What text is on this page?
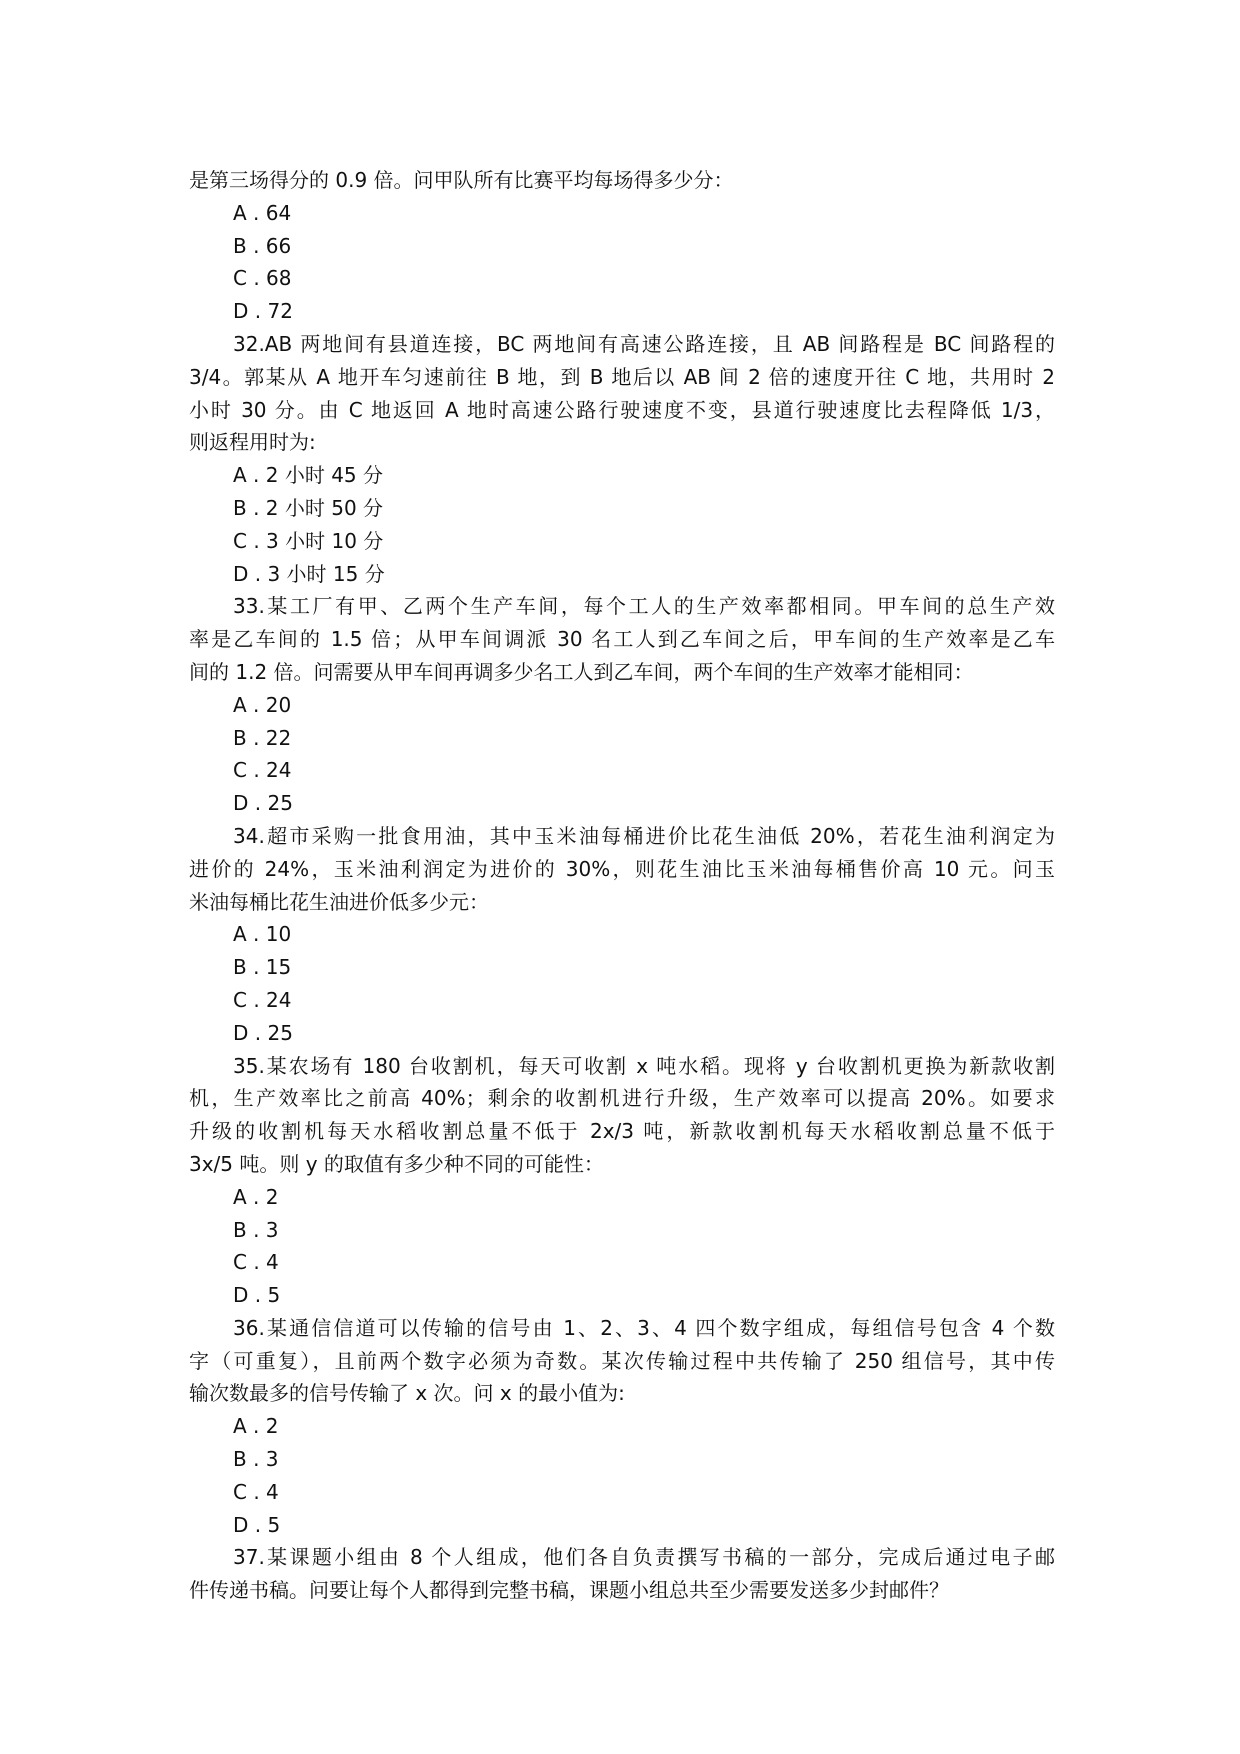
是第三场得分的 0.9 倍。问甲队所有比赛平均每场得多少分：
A . 64
B . 66
C . 68
D . 72
32.AB 两地间有县道连接，BC 两地间有高速公路连接，且 AB 间路程是 BC 间路程的
3/4。郭某从 A 地开车匀速前往 B 地，到 B 地后以 AB 间 2 倍的速度开往 C 地，共用时 2
小时 30 分。由 C 地返回 A 地时高速公路行驶速度不变，县道行驶速度比去程降低 1/3，
则返程用时为:
A . 2 小时 45 分
B . 2 小时 50 分
C . 3 小时 10 分
D . 3 小时 15 分
33.某工厂有甲、乙两个生产车间，每个工人的生产效率都相同。甲车间的总生产效
率是乙车间的 1.5 倍；从甲车间调派 30 名工人到乙车间之后，甲车间的生产效率是乙车
间的 1.2 倍。问需要从甲车间再调多少名工人到乙车间，两个车间的生产效率才能相同：
A . 20
B . 22
C . 24
D . 25
34.超市采购一批食用油，其中玉米油每桶进价比花生油低 20%，若花生油利润定为
进价的 24%，玉米油利润定为进价的 30%，则花生油比玉米油每桶售价高 10 元。问玉
米油每桶比花生油进价低多少元：
A . 10
B . 15
C . 24
D . 25
35.某农场有 180 台收割机，每天可收割 x 吨水稻。现将 y 台收割机更换为新款收割
机，生产效率比之前高 40%；剩余的收割机进行升级，生产效率可以提高 20%。如要求
升级的收割机每天水稻收割总量不低于 2x/3 吨，新款收割机每天水稻收割总量不低于
3x/5 吨。则 y 的取值有多少种不同的可能性：
A . 2
B . 3
C . 4
D . 5
36.某通信信道可以传输的信号由 1、2、3、4 四个数字组成，每组信号包含 4 个数
字（可重复），且前两个数字必须为奇数。某次传输过程中共传输了 250 组信号，其中传
输次数最多的信号传输了 x 次。问 x 的最小值为:
A . 2
B . 3
C . 4
D . 5
37.某课题小组由 8 个人组成，他们各自负责撰写书稿的一部分，完成后通过电子邮
件传递书稿。问要让每个人都得到完整书稿，课题小组总共至少需要发送多少封邮件？
